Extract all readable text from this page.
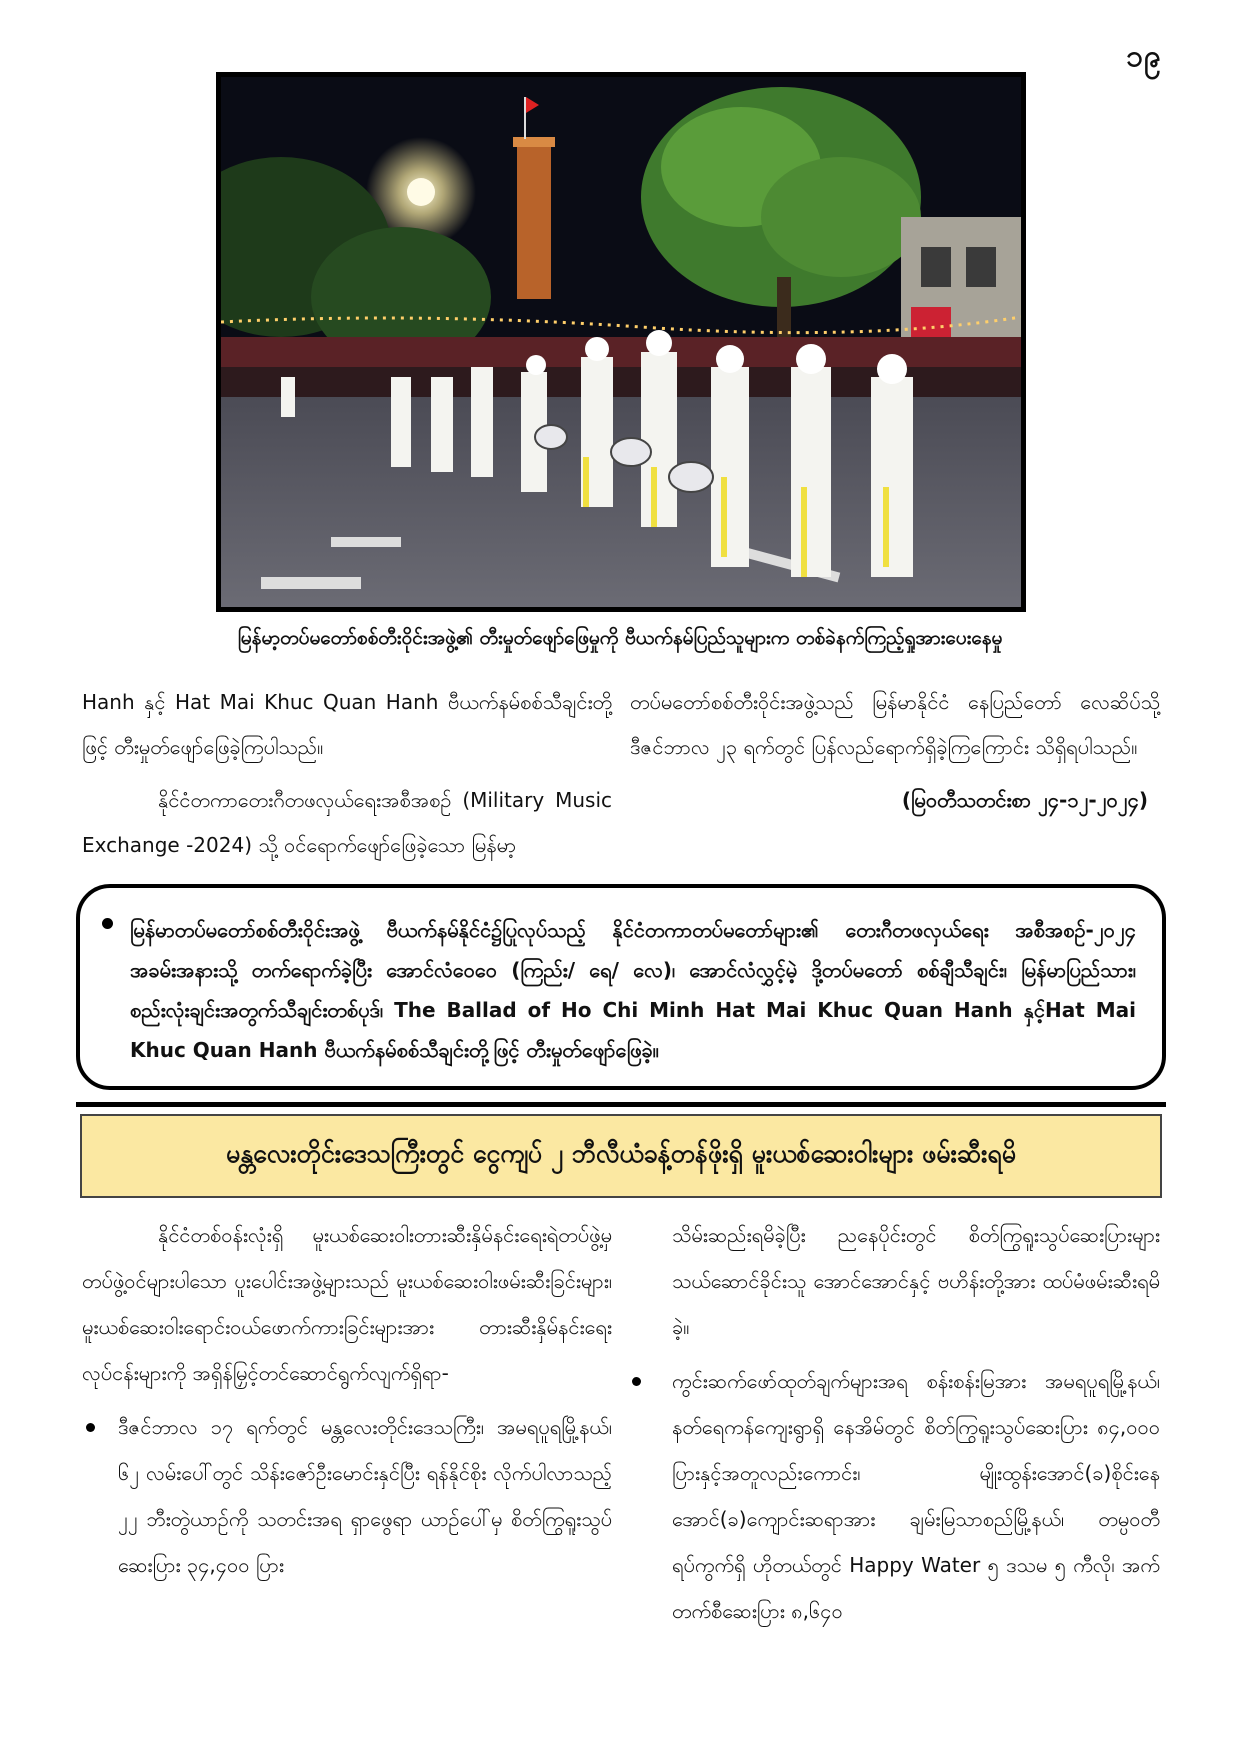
၁၉
မြန်မာ့တပ်မတော်စစ်တီးဝိုင်းအဖွဲ့၏ တီးမှုတ်ဖျော်ဖြေမှုကို ဗီယက်နမ်ပြည်သူများက တစ်ခဲနက်ကြည့်ရှုအားပေးနေမှု

Hanh နှင့် Hat Mai Khuc Quan Hanh ဗီယက်နမ်စစ်သီချင်းတို့ဖြင့် တီးမှုတ်ဖျော်ဖြေခဲ့ကြပါသည်။

နိုင်ငံတကာတေးဂီတဖလှယ်ရေးအစီအစဉ် (Military Music Exchange -2024) သို့ ဝင်ရောက်ဖျော်ဖြေခဲ့သော မြန်မာ့

တပ်မတော်စစ်တီးဝိုင်းအဖွဲ့သည် မြန်မာနိုင်ငံ နေပြည်တော် လေဆိပ်သို့ ဒီဇင်ဘာလ ၂၃ ရက်တွင် ပြန်လည်ရောက်ရှိခဲ့ကြကြောင်း သိရှိရပါသည်။

(မြဝတီသတင်းစာ ၂၄-၁၂-၂၀၂၄)

မြန်မာတပ်မတော်စစ်တီးဝိုင်းအဖွဲ့ ဗီယက်နမ်နိုင်ငံ၌ပြုလုပ်သည့် နိုင်ငံတကာတပ်မတော်များ၏ တေးဂီတဖလှယ်ရေး အစီအစဉ်-၂၀၂၄ အခမ်းအနားသို့ တက်ရောက်ခဲ့ပြီး အောင်လံဝေဝေ (ကြည်း/ ရေ/ လေ)၊ အောင်လံလွှင့်မဲ့ ဒို့တပ်မတော် စစ်ချီသီချင်း၊ မြန်မာပြည်သား၊ စည်းလုံးချင်းအတွက်သီချင်းတစ်ပုဒ်၊ The Ballad of Ho Chi Minh Hat Mai Khuc Quan Hanh နှင့်Hat Mai Khuc Quan Hanh ဗီယက်နမ်စစ်သီချင်းတို့ဖြင့် တီးမှုတ်ဖျော်ဖြေခဲ့။
မန္တလေးတိုင်းဒေသကြီးတွင် ငွေကျပ် ၂ ဘီလီယံခန့်တန်ဖိုးရှိ မူးယစ်ဆေးဝါးများ ဖမ်းဆီးရမိ

နိုင်ငံတစ်ဝန်းလုံးရှိ မူးယစ်ဆေးဝါးတားဆီးနှိမ်နင်းရေးရဲတပ်ဖွဲ့မှ တပ်ဖွဲ့ဝင်များပါသော ပူးပေါင်းအဖွဲ့များသည် မူးယစ်ဆေးဝါးဖမ်းဆီးခြင်းများ၊ မူးယစ်ဆေးဝါးရောင်းဝယ်ဖောက်ကားခြင်းများအား တားဆီးနှိမ်နင်းရေးလုပ်ငန်းများကို အရှိန်မြှင့်တင်ဆောင်ရွက်လျက်ရှိရာ-

ဒီဇင်ဘာလ ၁၇ ရက်တွင် မန္တလေးတိုင်းဒေသကြီး၊ အမရပူရမြို့နယ်၊ ၆၂ လမ်းပေါ်တွင် သိန်းဇော်ဦးမောင်းနှင်ပြီး ရန်နိုင်စိုး လိုက်ပါလာသည့် ၂၂ ဘီးတွဲယာဉ်ကို သတင်းအရ ရှာဖွေရာ ယာဉ်ပေါ်မှ စိတ်ကြွရူးသွပ်ဆေးပြား ၃၄,၄၀၀ ပြား

သိမ်းဆည်းရမိခဲ့ပြီး ညနေပိုင်းတွင် စိတ်ကြွရူးသွပ်ဆေးပြားများသယ်ဆောင်ခိုင်းသူ အောင်အောင်နှင့် ဗဟိန်းတို့အား ထပ်မံဖမ်းဆီးရမိခဲ့။

ကွင်းဆက်ဖော်ထုတ်ချက်များအရ စန်းစန်းမြအား အမရပူရမြို့နယ်၊ နတ်ရေကန်ကျေးရွာရှိ နေအိမ်တွင် စိတ်ကြွရူးသွပ်ဆေးပြား ၈၄,၀၀၀ ပြားနှင့်အတူလည်းကောင်း၊ မျိုးထွန်းအောင်(ခ)စိုင်းနေအောင်(ခ)ကျောင်းဆရာအား ချမ်းမြသာစည်မြို့နယ်၊ တမ္ပဝတီရပ်ကွက်ရှိ ဟိုတယ်တွင် Happy Water ၅ ဒသမ ၅ ကီလို၊ အက်တက်စီဆေးပြား ၈,၆၄၀
